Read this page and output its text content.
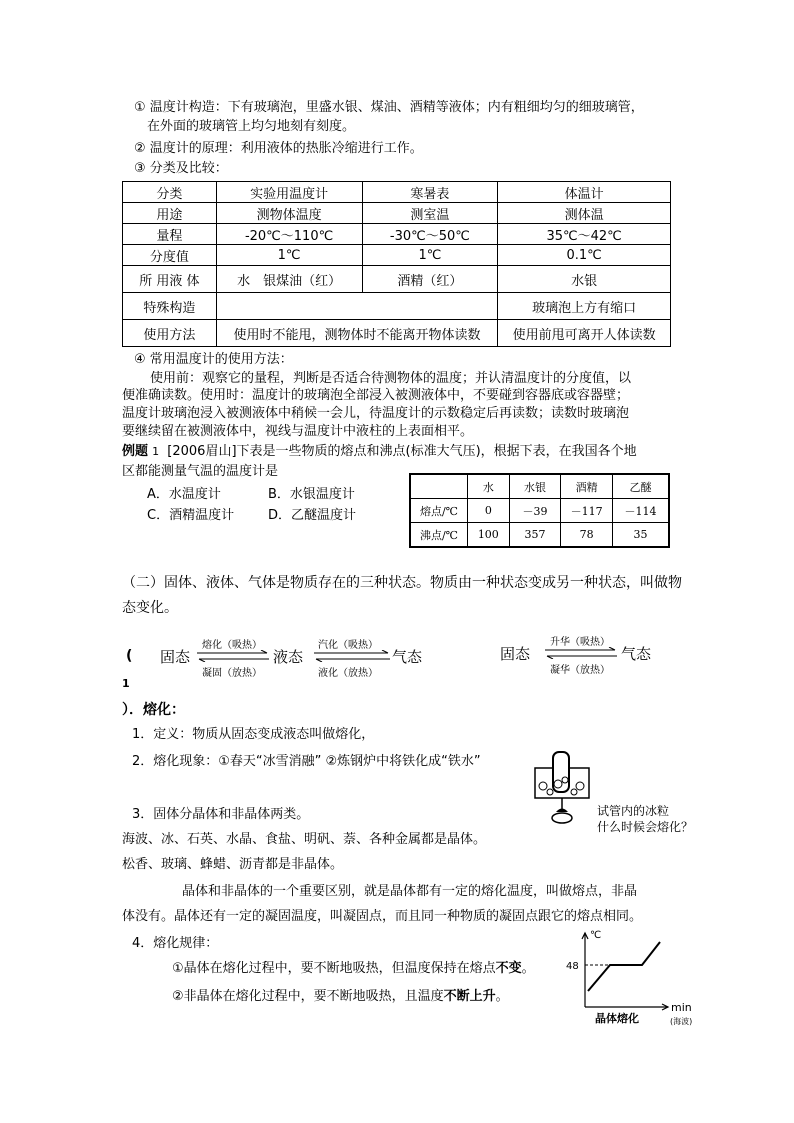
① 温度计构造：下有玻璃泡，里盛水银、煤油、酒精等液体；内有粗细均匀的细玻璃管，
在外面的玻璃管上均匀地刻有刻度。
② 温度计的原理：利用液体的热胀冷缩进行工作。
③ 分类及比较：
分类	实验用温度计	寒暑表	体温计
用途	测物体温度	测室温	测体温
量程	-20℃～110℃	-30℃～50℃	35℃～42℃
分度值	1℃	1℃	0.1℃
所 用液 体	水　银煤油（红）	酒精（红）	水银
特殊构造			玻璃泡上方有缩口
使用方法	使用时不能甩，测物体时不能离开物体读数		使用前甩可离开人体读数
④ 常用温度计的使用方法：
使用前：观察它的量程，判断是否适合待测物体的温度；并认清温度计的分度值，以
便准确读数。使用时：温度计的玻璃泡全部浸入被测液体中，不要碰到容器底或容器壁；
温度计玻璃泡浸入被测液体中稍候一会儿，待温度计的示数稳定后再读数；读数时玻璃泡
要继续留在被测液体中，视线与温度计中液柱的上表面相平。
例题 1 [2006眉山]下表是一些物质的熔点和沸点(标准大气压)，根据下表，在我国各个地
区都能测量气温的温度计是
A．水温度计	B．水银温度计
C．酒精温度计	D．乙醚温度计
	水	水银	酒精	乙醚
熔点/℃	0	－39	－117	－114
沸点/℃	100	357	78	35
（二）固体、液体、气体是物质存在的三种状态。物质由一种状态变成另一种状态，叫做物
态变化。
( 固态
熔化（吸热）
凝固（放热）
液态
汽化（吸热）
液化（放热）
气态	固态
升华（吸热）
凝华（放热）
气态
1
）．熔化：
1．定义：物质从固态变成液态叫做熔化，
2．熔化现象：①春天“冰雪消融” ②炼钢炉中将铁化成“铁水”
试管内的冰粒
什么时候会熔化？
3．固体分晶体和非晶体两类。
海波、冰、石英、水晶、食盐、明矾、萘、各种金属都是晶体。
松香、玻璃、蜂蜡、沥青都是非晶体。
晶体和非晶体的一个重要区别，就是晶体都有一定的熔化温度，叫做熔点，非晶
体没有。晶体还有一定的凝固温度，叫凝固点，而且同一种物质的凝固点跟它的熔点相同。
4．熔化规律：
①晶体在熔化过程中，要不断地吸热，但温度保持在熔点不变。
②非晶体在熔化过程中，要不断地吸热，且温度不断上升。
℃
48
min
晶体熔化	(海波)
